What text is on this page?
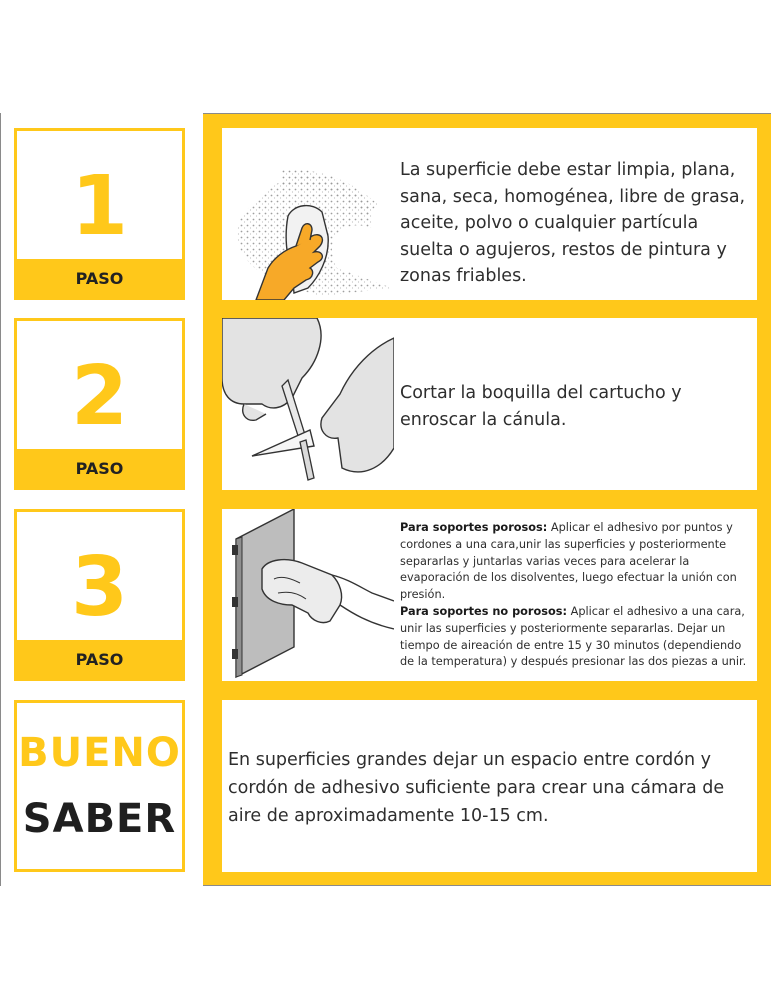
1
PASO
2
PASO
3
PASO
BUENO
SABER
La superficie debe estar limpia, plana, sana, seca, homogénea, libre de grasa, aceite, polvo o cualquier partícula suelta o agujeros, restos de pintura y zonas friables.
Cortar la boquilla del cartucho y enroscar la cánula.
Para soportes porosos: Aplicar el adhesivo por puntos y cordones a una cara,unir las superficies y posteriormente separarlas y juntarlas varias veces para acelerar la evaporación de los disolventes, luego efectuar la unión con presión.
Para soportes no porosos: Aplicar el adhesivo a una cara, unir las superficies y posteriormente separarlas. Dejar un tiempo de aireación de entre 15 y 30 minutos (dependiendo de la temperatura) y después presionar las dos piezas a unir.
En superficies grandes dejar un espacio entre cordón y cordón de adhesivo suficiente para crear una cámara de aire de aproximadamente 10-15 cm.
